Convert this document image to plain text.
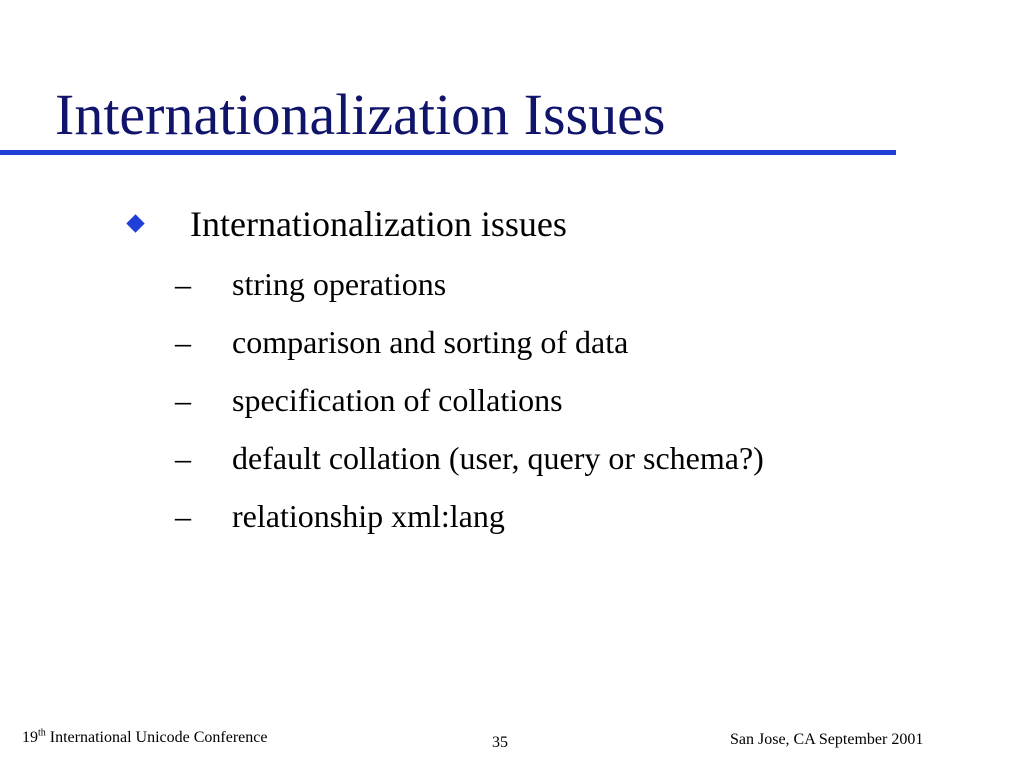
Internationalization Issues
Internationalization issues
– string operations
– comparison and sorting of data
– specification of collations
– default collation (user, query or schema?)
– relationship xml:lang
19th International Unicode Conference	35	San Jose, CA September 2001
